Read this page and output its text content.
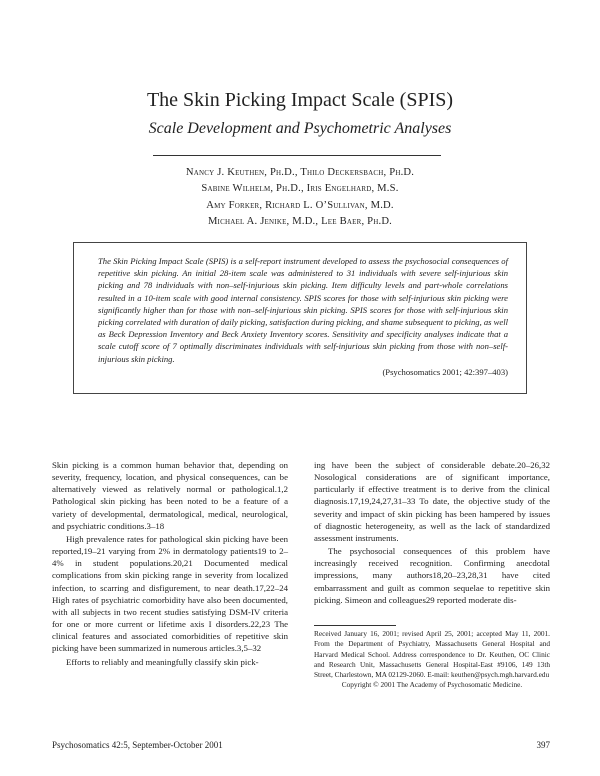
The Skin Picking Impact Scale (SPIS)
Scale Development and Psychometric Analyses
Nancy J. Keuthen, Ph.D., Thilo Deckersbach, Ph.D.
Sabine Wilhelm, Ph.D., Iris Engelhard, M.S.
Amy Forker, Richard L. O’Sullivan, M.D.
Michael A. Jenike, M.D., Lee Baer, Ph.D.
The Skin Picking Impact Scale (SPIS) is a self-report instrument developed to assess the psychosocial consequences of repetitive skin picking. An initial 28-item scale was administered to 31 individuals with severe self-injurious skin picking and 78 individuals with non–self-injurious skin picking. Item difficulty levels and part-whole correlations resulted in a 10-item scale with good internal consistency. SPIS scores for those with self-injurious skin picking were significantly higher than for those with non–self-injurious skin picking. SPIS scores for those with self-injurious skin picking correlated with duration of daily picking, satisfaction during picking, and shame subsequent to picking, as well as Beck Depression Inventory and Beck Anxiety Inventory scores. Sensitivity and specificity analyses indicate that a scale cutoff score of 7 optimally discriminates individuals with self-injurious skin picking from those with non–self-injurious skin picking.
(Psychosomatics 2001; 42:397–403)

Skin picking is a common human behavior that, depending on severity, frequency, location, and physical consequences, can be alternatively viewed as relatively normal or pathological.1,2 Pathological skin picking has been noted to be a feature of a variety of developmental, dermatological, medical, neurological, and psychiatric conditions.3–18

High prevalence rates for pathological skin picking have been reported,19–21 varying from 2% in dermatology patients19 to 2–4% in student populations.20,21 Documented medical complications from skin picking range in severity from localized infection, to scarring and disfigurement, to near death.17,22–24 High rates of psychiatric comorbidity have also been documented, with all subjects in two recent studies satisfying DSM-IV criteria for one or more current or lifetime axis I disorders.22,23 The clinical features and associated comorbidities of repetitive skin picking have been summarized in numerous articles.3,5–32

Efforts to reliably and meaningfully classify skin pick-

ing have been the subject of considerable debate.20–26,32 Nosological considerations are of significant importance, particularly if effective treatment is to derive from the clinical diagnosis.17,19,24,27,31–33 To date, the objective study of the severity and impact of skin picking has been hampered by issues of diagnostic heterogeneity, as well as the lack of standardized assessment instruments.

The psychosocial consequences of this problem have increasingly received recognition. Confirming anecdotal impressions, many authors18,20–23,28,31 have cited embarrassment and guilt as common sequelae to repetitive skin picking. Simeon and colleagues29 reported moderate dis-

Received January 16, 2001; revised April 25, 2001; accepted May 11, 2001. From the Department of Psychiatry, Massachusetts General Hospital and Harvard Medical School. Address correspondence to Dr. Keuthen, OC Clinic and Research Unit, Massachusetts General Hospital-East #9106, 149 13th Street, Charlestown, MA 02129-2060. E-mail: keuthen@psych.mgh.harvard.edu
Copyright © 2001 The Academy of Psychosomatic Medicine.
Psychosomatics 42:5, September-October 2001	397
